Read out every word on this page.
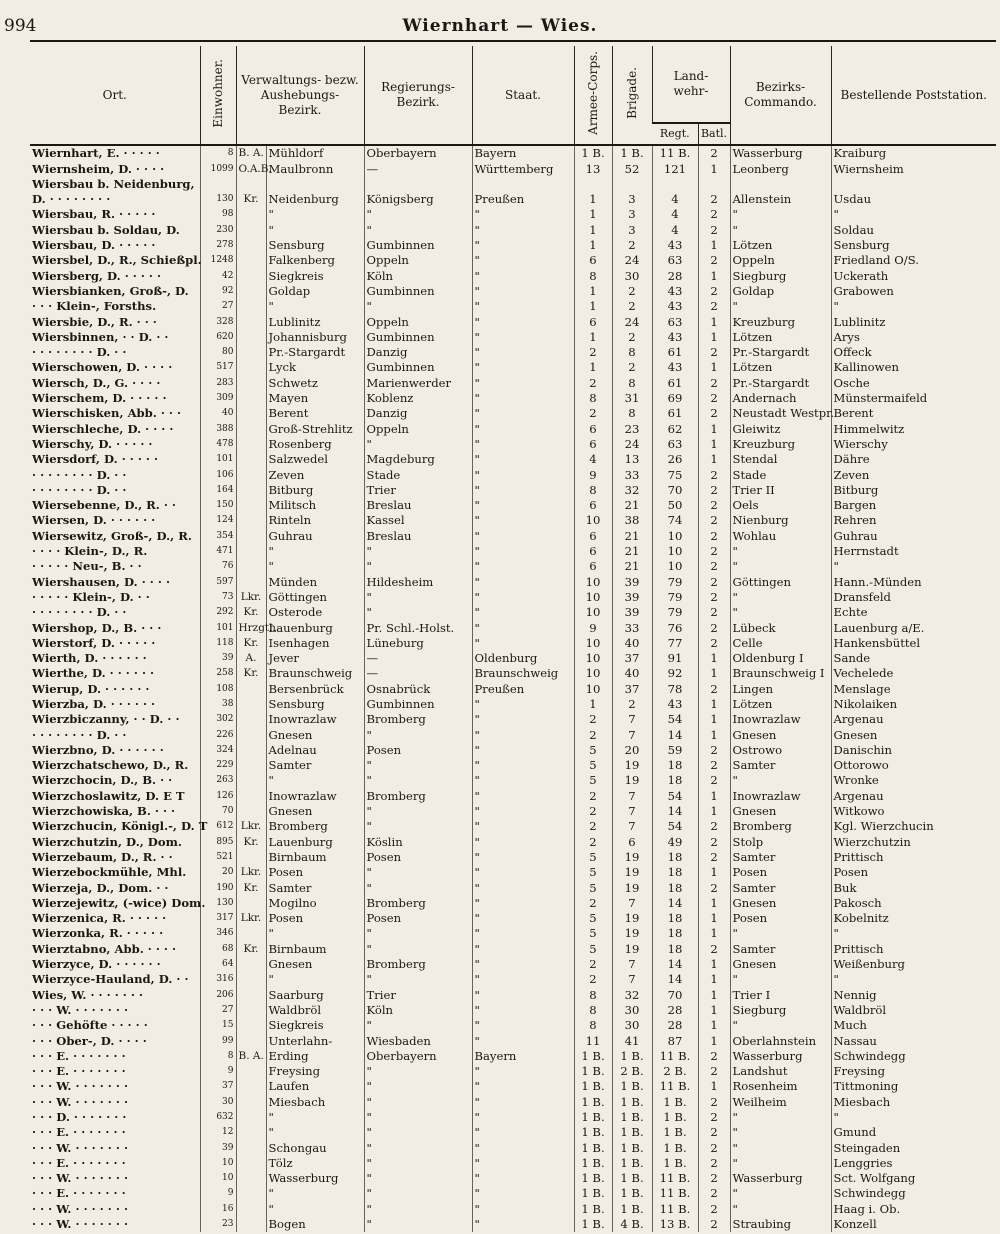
994	Wiernhart — Wies.
Ort.	Einwohner.	Verwaltungs- bezw. Aushebungs- Bezirk.		Regierungs- Bezirk.	Staat.	Armee-Corps.	Brigade.	Land- wehr-		Bezirks- Commando.	Bestellende Poststation.
								Regt.	Batl.		
Wiernhart, E. · · · · ·	8	B. A.	Mühldorf	Oberbayern	Bayern	1 B.	1 B.	11 B.	2	Wasserburg	Kraiburg
Wiernsheim, D. · · · ·	1099	O.A.B.	Maulbronn	—	Württemberg	13	52	121	1	Leonberg	Wiernsheim
Wiersbau b. Neidenburg,											
D. · · · · · · · ·	130	Kr.	Neidenburg	Königsberg	Preußen	1	3	4	2	Allenstein	Usdau
Wiersbau, R. · · · · ·	98		"	"	"	1	3	4	2	"	"
Wiersbau b. Soldau, D.	230		"	"	"	1	3	4	2	"	Soldau
Wiersbau, D. · · · · ·	278		Sensburg	Gumbinnen	"	1	2	43	1	Lötzen	Sensburg
Wiersbel, D., R., Schießpl.	1248		Falkenberg	Oppeln	"	6	24	63	2	Oppeln	Friedland O/S.
Wiersberg, D. · · · · ·	42		Siegkreis	Köln	"	8	30	28	1	Siegburg	Uckerath
Wiersbianken, Groß-, D.	92		Goldap	Gumbinnen	"	1	2	43	2	Goldap	Grabowen
· · · Klein-, Forsths.	27		"	"	"	1	2	43	2	"	"
Wiersbie, D., R. · · ·	328		Lublinitz	Oppeln	"	6	24	63	1	Kreuzburg	Lublinitz
Wiersbinnen, · · D. · ·	620		Johannisburg	Gumbinnen	"	1	2	43	1	Lötzen	Arys
· · · · · · · · D. · ·	80		Pr.-Stargardt	Danzig	"	2	8	61	2	Pr.-Stargardt	Offeck
Wierschowen, D. · · · ·	517		Lyck	Gumbinnen	"	1	2	43	1	Lötzen	Kallinowen
Wiersch, D., G. · · · ·	283		Schwetz	Marienwerder	"	2	8	61	2	Pr.-Stargardt	Osche
Wierschem, D. · · · · ·	309		Mayen	Koblenz	"	8	31	69	2	Andernach	Münstermaifeld
Wierschisken, Abb. · · ·	40		Berent	Danzig	"	2	8	61	2	Neustadt Westpr.	Berent
Wierschleche, D. · · · ·	388		Groß-Strehlitz	Oppeln	"	6	23	62	1	Gleiwitz	Himmelwitz
Wierschy, D. · · · · ·	478		Rosenberg	"	"	6	24	63	1	Kreuzburg	Wierschy
Wiersdorf, D. · · · · ·	101		Salzwedel	Magdeburg	"	4	13	26	1	Stendal	Dähre
· · · · · · · · D. · ·	106		Zeven	Stade	"	9	33	75	2	Stade	Zeven
· · · · · · · · D. · ·	164		Bitburg	Trier	"	8	32	70	2	Trier II	Bitburg
Wiersebenne, D., R. · ·	150		Militsch	Breslau	"	6	21	50	2	Oels	Bargen
Wiersen, D. · · · · · ·	124		Rinteln	Kassel	"	10	38	74	2	Nienburg	Rehren
Wiersewitz, Groß-, D., R.	354		Guhrau	Breslau	"	6	21	10	2	Wohlau	Guhrau
· · · · Klein-, D., R.	471		"	"	"	6	21	10	2	"	Herrnstadt
· · · · · Neu-, B. · ·	76		"	"	"	6	21	10	2	"	"
Wiershausen, D. · · · ·	597		Münden	Hildesheim	"	10	39	79	2	Göttingen	Hann.-Münden
· · · · · Klein-, D. · ·	73	Lkr.	Göttingen	"	"	10	39	79	2	"	Dransfeld
· · · · · · · · D. · ·	292	Kr.	Osterode	"	"	10	39	79	2	"	Echte
Wiershop, D., B. · · ·	101	Hrzgth.	Lauenburg	Pr. Schl.-Holst.	"	9	33	76	2	Lübeck	Lauenburg a/E.
Wierstorf, D. · · · · ·	118	Kr.	Isenhagen	Lüneburg	"	10	40	77	2	Celle	Hankensbüttel
Wierth, D. · · · · · ·	39	A.	Jever	—	Oldenburg	10	37	91	1	Oldenburg I	Sande
Wierthe, D. · · · · · ·	258	Kr.	Braunschweig	—	Braunschweig	10	40	92	1	Braunschweig I	Vechelede
Wierup, D. · · · · · ·	108		Bersenbrück	Osnabrück	Preußen	10	37	78	2	Lingen	Menslage
Wierzba, D. · · · · · ·	38		Sensburg	Gumbinnen	"	1	2	43	1	Lötzen	Nikolaiken
Wierzbiczanny, · · D. · ·	302		Inowrazlaw	Bromberg	"	2	7	54	1	Inowrazlaw	Argenau
· · · · · · · · D. · ·	226		Gnesen	"	"	2	7	14	1	Gnesen	Gnesen
Wierzbno, D. · · · · · ·	324		Adelnau	Posen	"	5	20	59	2	Ostrowo	Danischin
Wierzchatschewo, D., R.	229		Samter	"	"	5	19	18	2	Samter	Ottorowo
Wierzchocin, D., B. · ·	263		"	"	"	5	19	18	2	"	Wronke
Wierzchoslawitz, D. E T	126		Inowrazlaw	Bromberg	"	2	7	54	1	Inowrazlaw	Argenau
Wierzchowiska, B. · · ·	70		Gnesen	"	"	2	7	14	1	Gnesen	Witkowo
Wierzchucin, Königl.-, D. T	612	Lkr.	Bromberg	"	"	2	7	54	2	Bromberg	Kgl. Wierzchucin
Wierzchutzin, D., Dom.	895	Kr.	Lauenburg	Köslin	"	2	6	49	2	Stolp	Wierzchutzin
Wierzebaum, D., R. · ·	521		Birnbaum	Posen	"	5	19	18	2	Samter	Prittisch
Wierzebockmühle, Mhl.	20	Lkr.	Posen	"	"	5	19	18	1	Posen	Posen
Wierzeja, D., Dom. · ·	190	Kr.	Samter	"	"	5	19	18	2	Samter	Buk
Wierzejewitz, (-wice) Dom.	130		Mogilno	Bromberg	"	2	7	14	1	Gnesen	Pakosch
Wierzenica, R. · · · · ·	317	Lkr.	Posen	Posen	"	5	19	18	1	Posen	Kobelnitz
Wierzonka, R. · · · · ·	346		"	"	"	5	19	18	1	"	"
Wierztabno, Abb. · · · ·	68	Kr.	Birnbaum	"	"	5	19	18	2	Samter	Prittisch
Wierzyce, D. · · · · · ·	64		Gnesen	Bromberg	"	2	7	14	1	Gnesen	Weißenburg
Wierzyce-Hauland, D. · ·	316		"	"	"	2	7	14	1	"	"
Wies, W. · · · · · · ·	206		Saarburg	Trier	"	8	32	70	1	Trier I	Nennig
· · · W. · · · · · · ·	27		Waldbröl	Köln	"	8	30	28	1	Siegburg	Waldbröl
· · · Gehöfte · · · · ·	15		Siegkreis	"	"	8	30	28	1	"	Much
· · · Ober-, D. · · · ·	99		Unterlahn-	Wiesbaden	"	11	41	87	1	Oberlahnstein	Nassau
· · · E. · · · · · · ·	8	B. A.	Erding	Oberbayern	Bayern	1 B.	1 B.	11 B.	2	Wasserburg	Schwindegg
· · · E. · · · · · · ·	9		Freysing	"	"	1 B.	2 B.	2 B.	2	Landshut	Freysing
· · · W. · · · · · · ·	37		Laufen	"	"	1 B.	1 B.	11 B.	1	Rosenheim	Tittmoning
· · · W. · · · · · · ·	30		Miesbach	"	"	1 B.	1 B.	1 B.	2	Weilheim	Miesbach
· · · D. · · · · · · ·	632		"	"	"	1 B.	1 B.	1 B.	2	"	"
· · · E. · · · · · · ·	12		"	"	"	1 B.	1 B.	1 B.	2	"	Gmund
· · · W. · · · · · · ·	39		Schongau	"	"	1 B.	1 B.	1 B.	2	"	Steingaden
· · · E. · · · · · · ·	10		Tölz	"	"	1 B.	1 B.	1 B.	2	"	Lenggries
· · · W. · · · · · · ·	10		Wasserburg	"	"	1 B.	1 B.	11 B.	2	Wasserburg	Sct. Wolfgang
· · · E. · · · · · · ·	9		"	"	"	1 B.	1 B.	11 B.	2	"	Schwindegg
· · · W. · · · · · · ·	16		"	"	"	1 B.	1 B.	11 B.	2	"	Haag i. Ob.
· · · W. · · · · · · ·	23		Bogen	"	"	1 B.	4 B.	13 B.	2	Straubing	Konzell
